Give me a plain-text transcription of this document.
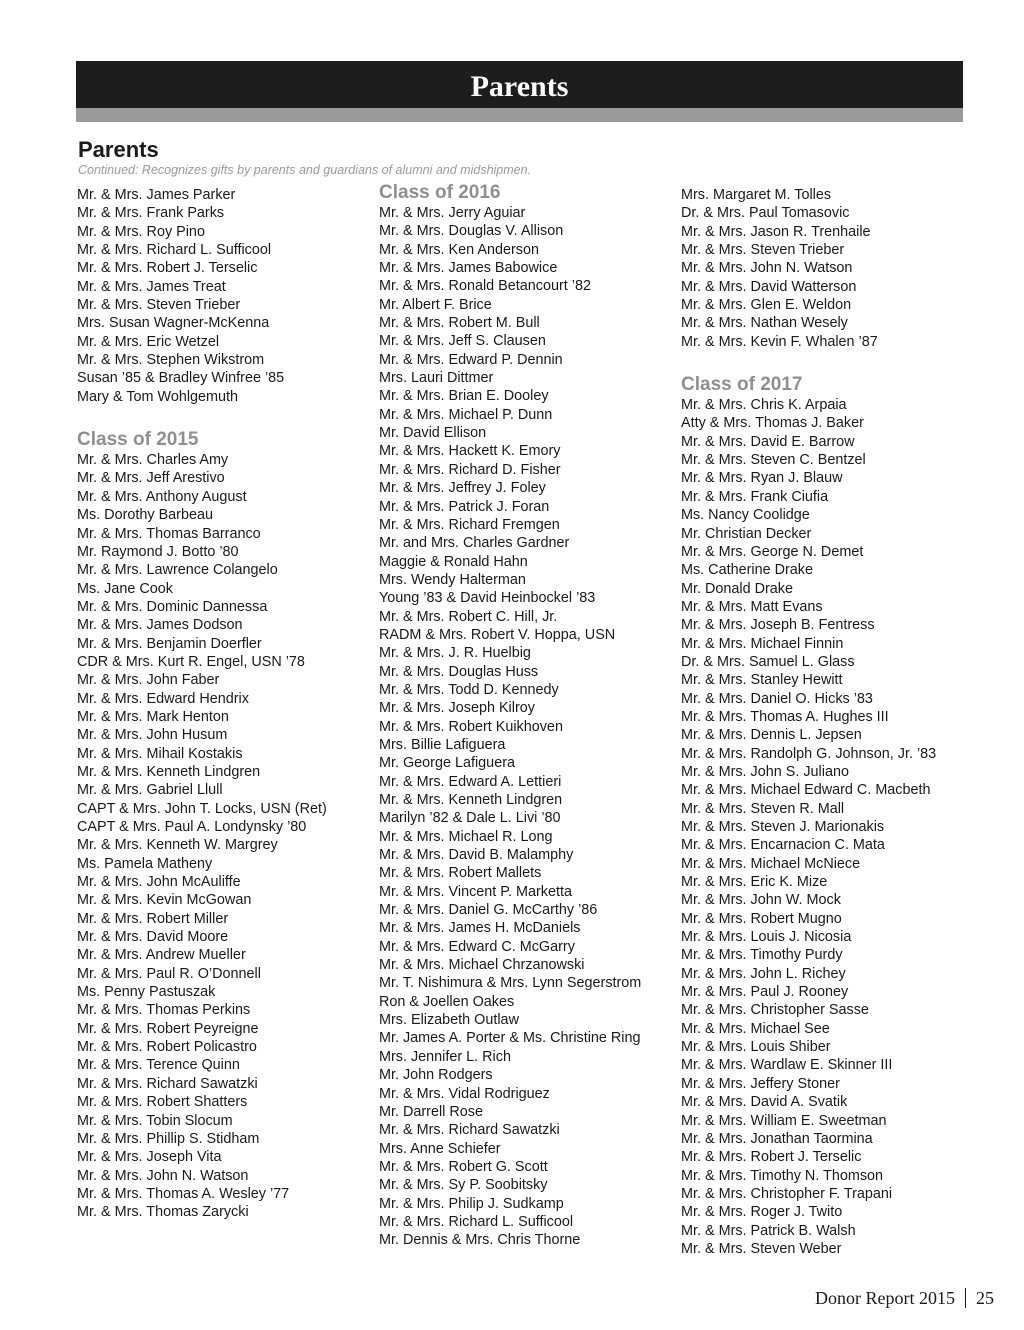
Parents
Parents

Continued: Recognizes gifts by parents and guardians of alumni and midshipmen.

Mr. & Mrs. James Parker
Mr. & Mrs. Frank Parks
Mr. & Mrs. Roy Pino
Mr. & Mrs. Richard L. Sufficool
Mr. & Mrs. Robert J. Terselic
Mr. & Mrs. James Treat
Mr. & Mrs. Steven Trieber
Mrs. Susan Wagner-McKenna
Mr. & Mrs. Eric Wetzel
Mr. & Mrs. Stephen Wikstrom
Susan ’85 & Bradley Winfree ’85
Mary & Tom Wohlgemuth
Class of 2015
Mr. & Mrs. Charles Amy
Mr. & Mrs. Jeff Arestivo
Mr. & Mrs. Anthony August
Ms. Dorothy Barbeau
Mr. & Mrs. Thomas Barranco
Mr. Raymond J. Botto ’80
Mr. & Mrs. Lawrence Colangelo
Ms. Jane Cook
Mr. & Mrs. Dominic Dannessa
Mr. & Mrs. James Dodson
Mr. & Mrs. Benjamin Doerfler
CDR & Mrs. Kurt R. Engel, USN ’78
Mr. & Mrs. John Faber
Mr. & Mrs. Edward Hendrix
Mr. & Mrs. Mark Henton
Mr. & Mrs. John Husum
Mr. & Mrs. Mihail Kostakis
Mr. & Mrs. Kenneth Lindgren
Mr. & Mrs. Gabriel Llull
CAPT & Mrs. John T. Locks, USN (Ret)
CAPT & Mrs. Paul A. Londynsky ’80
Mr. & Mrs. Kenneth W. Margrey
Ms. Pamela Matheny
Mr. & Mrs. John McAuliffe
Mr. & Mrs. Kevin McGowan
Mr. & Mrs. Robert Miller
Mr. & Mrs. David Moore
Mr. & Mrs. Andrew Mueller
Mr. & Mrs. Paul R. O’Donnell
Ms. Penny Pastuszak
Mr. & Mrs. Thomas Perkins
Mr. & Mrs. Robert Peyreigne
Mr. & Mrs. Robert Policastro
Mr. & Mrs. Terence Quinn
Mr. & Mrs. Richard Sawatzki
Mr. & Mrs. Robert Shatters
Mr. & Mrs. Tobin Slocum
Mr. & Mrs. Phillip S. Stidham
Mr. & Mrs. Joseph Vita
Mr. & Mrs. John N. Watson
Mr. & Mrs. Thomas A. Wesley ’77
Mr. & Mrs. Thomas Zarycki
Class of 2016
Mr. & Mrs. Jerry Aguiar
Mr. & Mrs. Douglas V. Allison
Mr. & Mrs. Ken Anderson
Mr. & Mrs. James Babowice
Mr. & Mrs. Ronald Betancourt ’82
Mr. Albert F. Brice
Mr. & Mrs. Robert M. Bull
Mr. & Mrs. Jeff S. Clausen
Mr. & Mrs. Edward P. Dennin
Mrs. Lauri Dittmer
Mr. & Mrs. Brian E. Dooley
Mr. & Mrs. Michael P. Dunn
Mr. David Ellison
Mr. & Mrs. Hackett K. Emory
Mr. & Mrs. Richard D. Fisher
Mr. & Mrs. Jeffrey J. Foley
Mr. & Mrs. Patrick J. Foran
Mr. & Mrs. Richard Fremgen
Mr. and Mrs. Charles Gardner
Maggie & Ronald Hahn
Mrs. Wendy Halterman
Young ’83 & David Heinbockel ’83
Mr. & Mrs. Robert C. Hill, Jr.
RADM & Mrs. Robert V. Hoppa, USN
Mr. & Mrs. J. R. Huelbig
Mr. & Mrs. Douglas Huss
Mr. & Mrs. Todd D. Kennedy
Mr. & Mrs. Joseph Kilroy
Mr. & Mrs. Robert Kuikhoven
Mrs. Billie Lafiguera
Mr. George Lafiguera
Mr. & Mrs. Edward A. Lettieri
Mr. & Mrs. Kenneth Lindgren
Marilyn ’82 & Dale L. Livi ’80
Mr. & Mrs. Michael R. Long
Mr. & Mrs. David B. Malamphy
Mr. & Mrs. Robert Mallets
Mr. & Mrs. Vincent P. Marketta
Mr. & Mrs. Daniel G. McCarthy ’86
Mr. & Mrs. James H. McDaniels
Mr. & Mrs. Edward C. McGarry
Mr. & Mrs. Michael Chrzanowski
Mr. T. Nishimura & Mrs. Lynn Segerstrom
Ron & Joellen Oakes
Mrs. Elizabeth Outlaw
Mr. James A. Porter & Ms. Christine Ring
Mrs. Jennifer L. Rich
Mr. John Rodgers
Mr. & Mrs. Vidal Rodriguez
Mr. Darrell Rose
Mr. & Mrs. Richard Sawatzki
Mrs. Anne Schiefer
Mr. & Mrs. Robert G. Scott
Mr. & Mrs. Sy P. Soobitsky
Mr. & Mrs. Philip J. Sudkamp
Mr. & Mrs. Richard L. Sufficool
Mr. Dennis & Mrs. Chris Thorne
Mrs. Margaret M. Tolles
Dr. & Mrs. Paul Tomasovic
Mr. & Mrs. Jason R. Trenhaile
Mr. & Mrs. Steven Trieber
Mr. & Mrs. John N. Watson
Mr. & Mrs. David Watterson
Mr. & Mrs. Glen E. Weldon
Mr. & Mrs. Nathan Wesely
Mr. & Mrs. Kevin F. Whalen ’87
Class of 2017
Mr. & Mrs. Chris K. Arpaia
Atty & Mrs. Thomas J. Baker
Mr. & Mrs. David E. Barrow
Mr. & Mrs. Steven C. Bentzel
Mr. & Mrs. Ryan J. Blauw
Mr. & Mrs. Frank Ciufia
Ms. Nancy Coolidge
Mr. Christian Decker
Mr. & Mrs. George N. Demet
Ms. Catherine Drake
Mr. Donald Drake
Mr. & Mrs. Matt Evans
Mr. & Mrs. Joseph B. Fentress
Mr. & Mrs. Michael Finnin
Dr. & Mrs. Samuel L. Glass
Mr. & Mrs. Stanley Hewitt
Mr. & Mrs. Daniel O. Hicks ’83
Mr. & Mrs. Thomas A. Hughes III
Mr. & Mrs. Dennis L. Jepsen
Mr. & Mrs. Randolph G. Johnson, Jr. ’83
Mr. & Mrs. John S. Juliano
Mr. & Mrs. Michael Edward C. Macbeth
Mr. & Mrs. Steven R. Mall
Mr. & Mrs. Steven J. Marionakis
Mr. & Mrs. Encarnacion C. Mata
Mr. & Mrs. Michael McNiece
Mr. & Mrs. Eric K. Mize
Mr. & Mrs. John W. Mock
Mr. & Mrs. Robert Mugno
Mr. & Mrs. Louis J. Nicosia
Mr. & Mrs. Timothy Purdy
Mr. & Mrs. John L. Richey
Mr. & Mrs. Paul J. Rooney
Mr. & Mrs. Christopher Sasse
Mr. & Mrs. Michael See
Mr. & Mrs. Louis Shiber
Mr. & Mrs. Wardlaw E. Skinner III
Mr. & Mrs. Jeffery Stoner
Mr. & Mrs. David A. Svatik
Mr. & Mrs. William E. Sweetman
Mr. & Mrs. Jonathan Taormina
Mr. & Mrs. Robert J. Terselic
Mr. & Mrs. Timothy N. Thomson
Mr. & Mrs. Christopher F. Trapani
Mr. & Mrs. Roger J. Twito
Mr. & Mrs. Patrick B. Walsh
Mr. & Mrs. Steven Weber
Donor Report 2015 25
